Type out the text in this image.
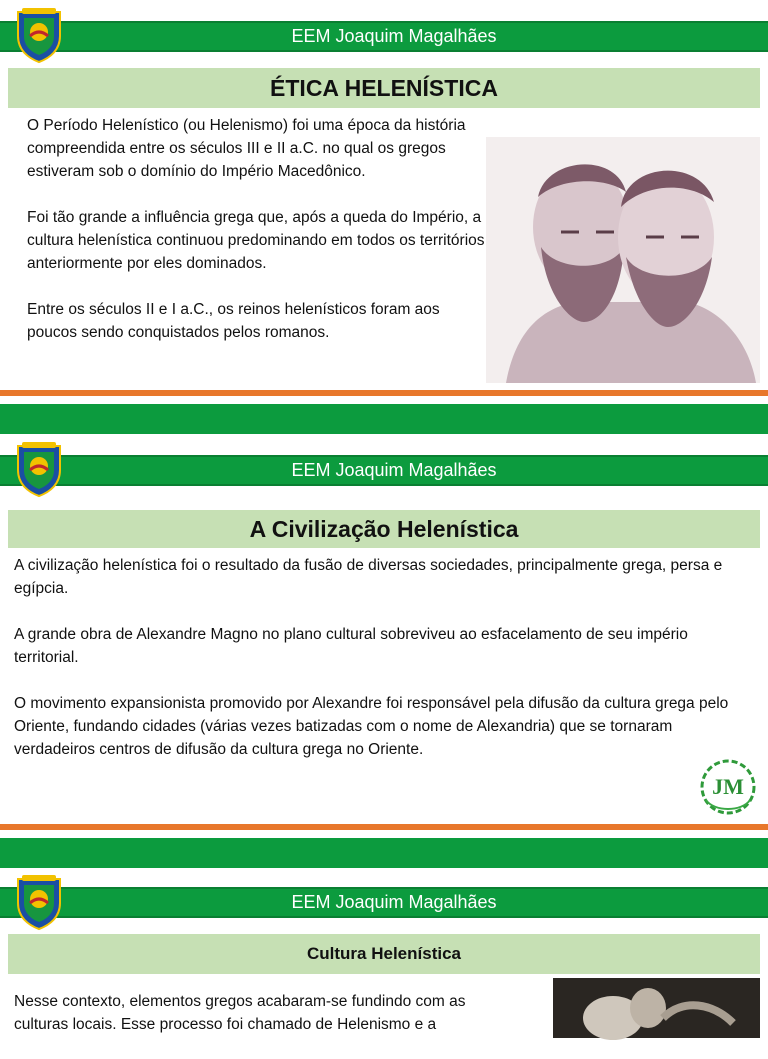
EEM Joaquim Magalhães
ÉTICA HELENÍSTICA

O Período Helenístico (ou Helenismo) foi uma época da história compreendida entre os séculos III e II a.C. no qual os gregos estiveram sob o domínio do Império Macedônico.

Foi tão grande a influência grega que, após a queda do Império, a cultura helenística continuou predominando em todos os territórios anteriormente por eles dominados.

Entre os séculos II e I a.C., os reinos helenísticos foram aos poucos sendo conquistados pelos romanos.

EEM Joaquim Magalhães
A Civilização Helenística

A civilização helenística foi o resultado da fusão de diversas sociedades, principalmente grega, persa e egípcia.

A grande obra de Alexandre Magno no plano cultural sobreviveu ao esfacelamento de seu império territorial.

O movimento expansionista promovido por Alexandre foi responsável pela difusão da cultura grega pelo Oriente, fundando cidades (várias vezes batizadas com o nome de Alexandria) que se tornaram verdadeiros centros de difusão da cultura grega no Oriente.

JM
EEM Joaquim Magalhães
Cultura Helenística

Nesse contexto, elementos gregos acabaram-se fundindo com as culturas locais. Esse processo foi chamado de Helenismo e a
